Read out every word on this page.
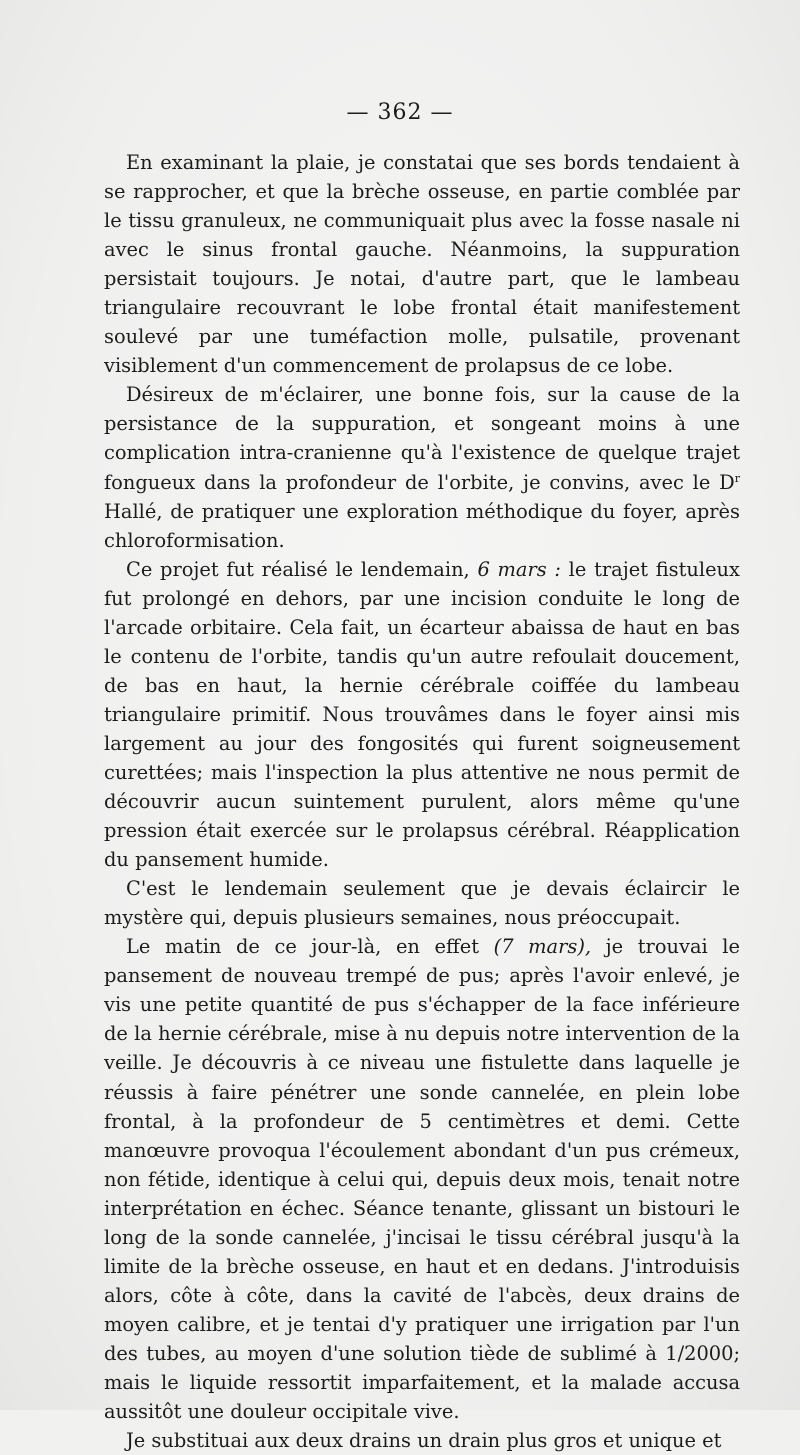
— 362 —

En examinant la plaie, je constatai que ses bords tendaient à se rapprocher, et que la brèche osseuse, en partie comblée par le tissu granuleux, ne communiquait plus avec la fosse nasale ni avec le sinus frontal gauche. Néanmoins, la suppuration persistait toujours. Je notai, d'autre part, que le lambeau triangulaire recouvrant le lobe frontal était manifestement soulevé par une tuméfaction molle, pulsatile, provenant visiblement d'un commencement de prolapsus de ce lobe.

Désireux de m'éclairer, une bonne fois, sur la cause de la persistance de la suppuration, et songeant moins à une complication intra-cranienne qu'à l'existence de quelque trajet fongueux dans la profondeur de l'orbite, je convins, avec le $D^r$ Hallé, de pratiquer une exploration méthodique du foyer, après chloroformisation.

Ce projet fut réalisé le lendemain, 6 mars : le trajet fistuleux fut prolongé en dehors, par une incision conduite le long de l'arcade orbitaire. Cela fait, un écarteur abaissa de haut en bas le contenu de l'orbite, tandis qu'un autre refoulait doucement, de bas en haut, la hernie cérébrale coiffée du lambeau triangulaire primitif. Nous trouvâmes dans le foyer ainsi mis largement au jour des fongosités qui furent soigneusement curettées; mais l'inspection la plus attentive ne nous permit de découvrir aucun suintement purulent, alors même qu'une pression était exercée sur le prolapsus cérébral. Réapplication du pansement humide.

C'est le lendemain seulement que je devais éclaircir le mystère qui, depuis plusieurs semaines, nous préoccupait.

Le matin de ce jour-là, en effet (7 mars), je trouvai le pansement de nouveau trempé de pus; après l'avoir enlevé, je vis une petite quantité de pus s'échapper de la face inférieure de la hernie cérébrale, mise à nu depuis notre intervention de la veille. Je découvris à ce niveau une fistulette dans laquelle je réussis à faire pénétrer une sonde cannelée, en plein lobe frontal, à la profondeur de 5 centimètres et demi. Cette manœuvre provoqua l'écoulement abondant d'un pus crémeux, non fétide, identique à celui qui, depuis deux mois, tenait notre interprétation en échec. Séance tenante, glissant un bistouri le long de la sonde cannelée, j'incisai le tissu cérébral jusqu'à la limite de la brèche osseuse, en haut et en dedans. J'introduisis alors, côte à côte, dans la cavité de l'abcès, deux drains de moyen calibre, et je tentai d'y pratiquer une irrigation par l'un des tubes, au moyen d'une solution tiède de sublimé à 1/2000; mais le liquide ressortit imparfaitement, et la malade accusa aussitôt une douleur occipitale vive.

Je substituai aux deux drains un drain plus gros et unique et
